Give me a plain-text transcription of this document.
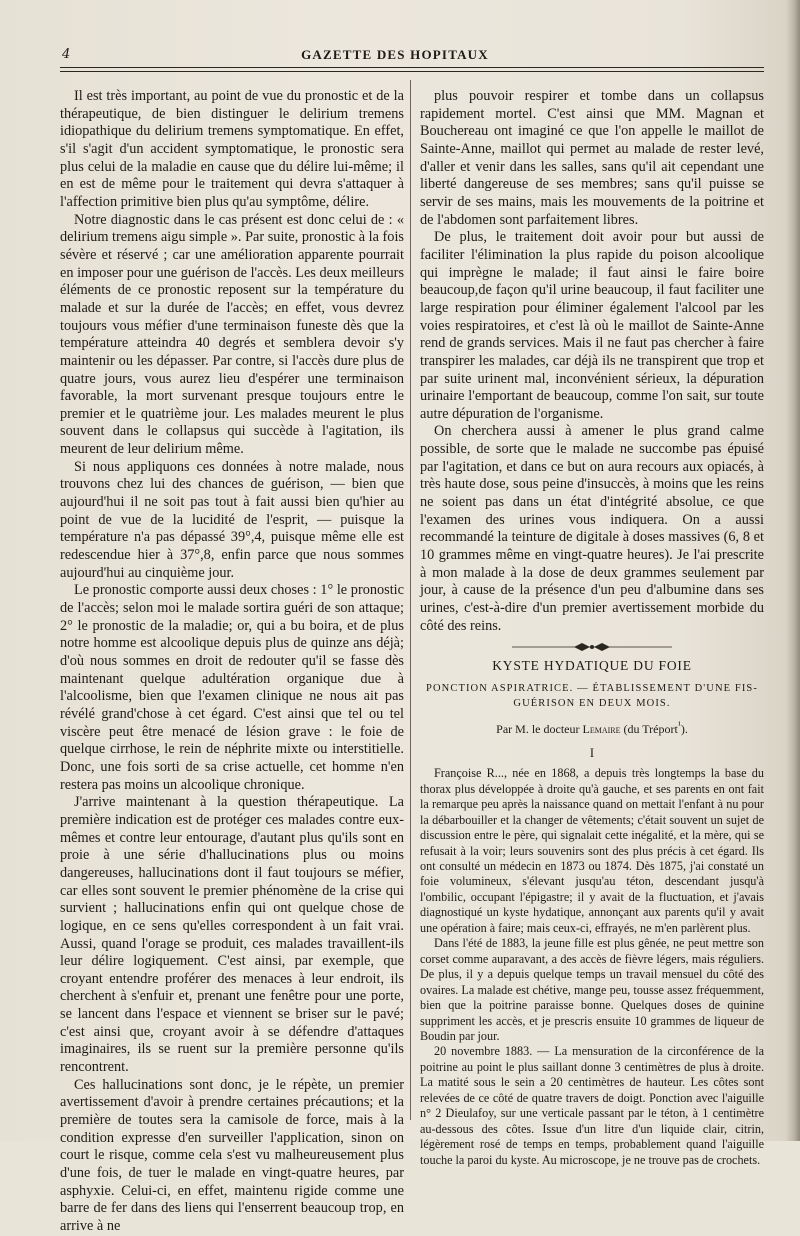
4	GAZETTE DES HOPITAUX

Il est très important, au point de vue du pronostic et de la thérapeutique, de bien distinguer le delirium tremens idiopathique du delirium tremens symptomatique. En effet, s'il s'agit d'un accident symptomatique, le pronostic sera plus celui de la maladie en cause que du délire lui-même; il en est de même pour le traitement qui devra s'attaquer à l'affection primitive bien plus qu'au symptôme, délire.

Notre diagnostic dans le cas présent est donc celui de : « delirium tremens aigu simple ». Par suite, pronostic à la fois sévère et réservé ; car une amélioration apparente pourrait en imposer pour une guérison de l'accès. Les deux meilleurs éléments de ce pronostic reposent sur la température du malade et sur la durée de l'accès; en effet, vous devrez toujours vous méfier d'une terminaison funeste dès que la température atteindra 40 degrés et semblera devoir s'y maintenir ou les dépasser. Par contre, si l'accès dure plus de quatre jours, vous aurez lieu d'espérer une terminaison favorable, la mort survenant presque toujours entre le premier et le quatrième jour. Les malades meurent le plus souvent dans le collapsus qui succède à l'agitation, ils meurent de leur delirium même.

Si nous appliquons ces données à notre malade, nous trouvons chez lui des chances de guérison, — bien que aujourd'hui il ne soit pas tout à fait aussi bien qu'hier au point de vue de la lucidité de l'esprit, — puisque la température n'a pas dépassé 39°,4, puisque même elle est redescendue hier à 37°,8, enfin parce que nous sommes aujourd'hui au cinquième jour.

Le pronostic comporte aussi deux choses : 1° le pronostic de l'accès; selon moi le malade sortira guéri de son attaque; 2° le pronostic de la maladie; or, qui a bu boira, et de plus notre homme est alcoolique depuis plus de quinze ans déjà; d'où nous sommes en droit de redouter qu'il se fasse dès maintenant quelque adultération organique due à l'alcoolisme, bien que l'examen clinique ne nous ait pas révélé grand'chose à cet égard. C'est ainsi que tel ou tel viscère peut être menacé de lésion grave : le foie de quelque cirrhose, le rein de néphrite mixte ou interstitielle. Donc, une fois sorti de sa crise actuelle, cet homme n'en restera pas moins un alcoolique chronique.

J'arrive maintenant à la question thérapeutique. La première indication est de protéger ces malades contre eux-mêmes et contre leur entourage, d'autant plus qu'ils sont en proie à une série d'hallucinations plus ou moins dangereuses, hallucinations dont il faut toujours se méfier, car elles sont souvent le premier phénomène de la crise qui survient ; hallucinations enfin qui ont quelque chose de logique, en ce sens qu'elles correspondent à un fait vrai. Aussi, quand l'orage se produit, ces malades travaillent-ils leur délire logiquement. C'est ainsi, par exemple, que croyant entendre proférer des menaces à leur endroit, ils cherchent à s'enfuir et, prenant une fenêtre pour une porte, se lancent dans l'espace et viennent se briser sur le pavé; c'est ainsi que, croyant avoir à se défendre d'attaques imaginaires, ils se ruent sur la première personne qu'ils rencontrent.

Ces hallucinations sont donc, je le répète, un premier avertissement d'avoir à prendre certaines précautions; et la première de toutes sera la camisole de force, mais à la condition expresse d'en surveiller l'application, sinon on court le risque, comme cela s'est vu malheureusement plus d'une fois, de tuer le malade en vingt-quatre heures, par asphyxie. Celui-ci, en effet, maintenu rigide comme une barre de fer dans des liens qui l'enserrent beaucoup trop, en arrive à ne

plus pouvoir respirer et tombe dans un collapsus rapidement mortel. C'est ainsi que MM. Magnan et Bouchereau ont imaginé ce que l'on appelle le maillot de Sainte-Anne, maillot qui permet au malade de rester levé, d'aller et venir dans les salles, sans qu'il ait cependant une liberté dangereuse de ses membres; sans qu'il puisse se servir de ses mains, mais les mouvements de la poitrine et de l'abdomen sont parfaitement libres.

De plus, le traitement doit avoir pour but aussi de faciliter l'élimination la plus rapide du poison alcoolique qui imprègne le malade; il faut ainsi le faire boire beaucoup,de façon qu'il urine beaucoup, il faut faciliter une large respiration pour éliminer également l'alcool par les voies respiratoires, et c'est là où le maillot de Sainte-Anne rend de grands services. Mais il ne faut pas chercher à faire transpirer les malades, car déjà ils ne transpirent que trop et par suite urinent mal, inconvénient sérieux, la dépuration urinaire l'emportant de beaucoup, comme l'on sait, sur toute autre dépuration de l'organisme.

On cherchera aussi à amener le plus grand calme possible, de sorte que le malade ne succombe pas épuisé par l'agitation, et dans ce but on aura recours aux opiacés, à très haute dose, sous peine d'insuccès, à moins que les reins ne soient pas dans un état d'intégrité absolue, ce que l'examen des urines vous indiquera. On a aussi recommandé la teinture de digitale à doses massives (6, 8 et 10 grammes même en vingt-quatre heures). Je l'ai prescrite à mon malade à la dose de deux grammes seulement par jour, à cause de la présence d'un peu d'albumine dans ses urines, c'est-à-dire d'un premier avertissement morbide du côté des reins.

KYSTE HYDATIQUE DU FOIE
PONCTION ASPIRATRICE. — ÉTABLISSEMENT D'UNE FIS-
GUÉRISON EN DEUX MOIS.
Par M. le docteur Lemaire (du Tréport$^{^1}$).
I

Françoise R..., née en 1868, a depuis très longtemps la base du thorax plus développée à droite qu'à gauche, et ses parents en ont fait la remarque peu après la naissance quand on mettait l'enfant à nu pour la débarbouiller et la changer de vêtements; c'était souvent un sujet de discussion entre le père, qui signalait cette inégalité, et la mère, qui se refusait à la voir; leurs souvenirs sont des plus précis à cet égard. Ils ont consulté un médecin en 1873 ou 1874. Dès 1875, j'ai constaté un foie volumineux, s'élevant jusqu'au téton, descendant jusqu'à l'ombilic, occupant l'épigastre; il y avait de la fluctuation, et j'avais diagnostiqué un kyste hydatique, annonçant aux parents qu'il y avait une opération à faire; mais ceux-ci, effrayés, ne m'en parlèrent plus.

Dans l'été de 1883, la jeune fille est plus gênée, ne peut mettre son corset comme auparavant, a des accès de fièvre légers, mais réguliers. De plus, il y a depuis quelque temps un travail mensuel du côté des ovaires. La malade est chétive, mange peu, tousse assez fréquemment, bien que la poitrine paraisse bonne. Quelques doses de quinine suppriment les accès, et je prescris ensuite 10 grammes de liqueur de Boudin par jour.

20 novembre 1883. — La mensuration de la circonférence de la poitrine au point le plus saillant donne 3 centimètres de plus à droite. La matité sous le sein a 20 centimètres de hauteur. Les côtes sont relevées de ce côté de quatre travers de doigt. Ponction avec l'aiguille n° 2 Dieulafoy, sur une verticale passant par le téton, à 1 centimètre au-dessous des côtes. Issue d'un litre d'un liquide clair, citrin, légèrement rosé de temps en temps, probablement quand l'aiguille touche la paroi du kyste. Au microscope, je ne trouve pas de crochets.
